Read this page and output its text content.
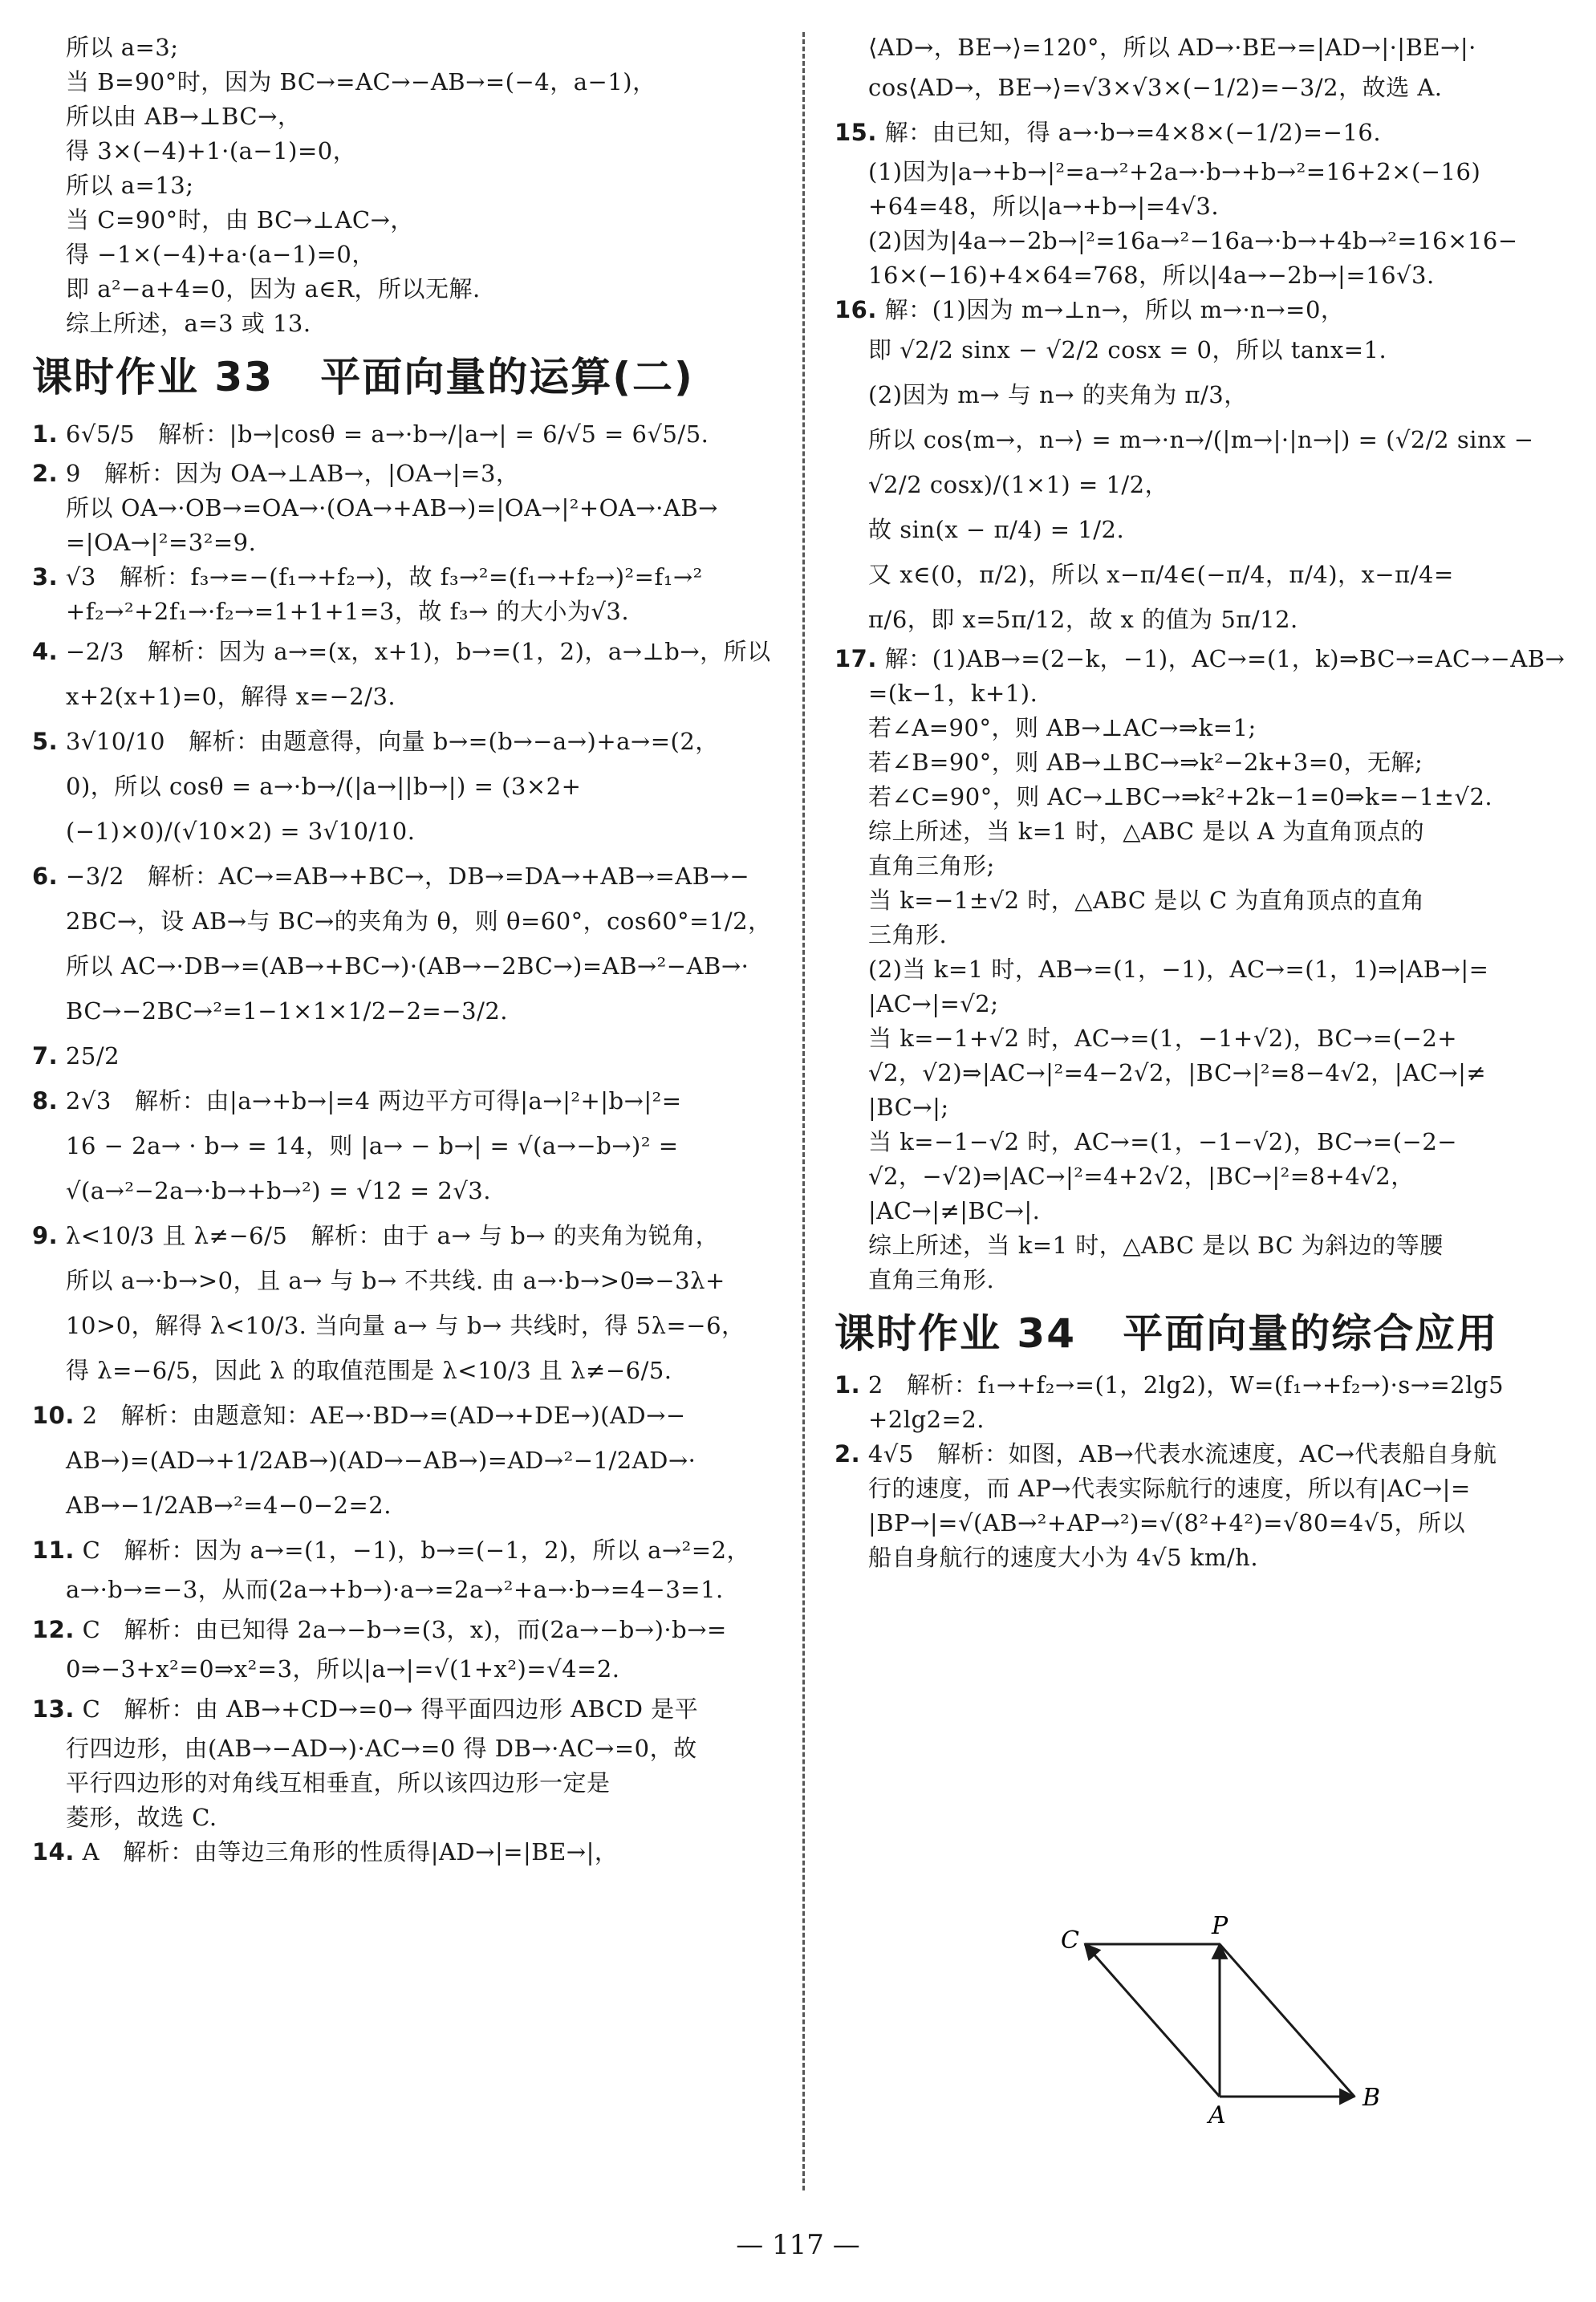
所以 a=3;

当 B=90°时，因为 BC→=AC→−AB→=(−4，a−1)，

所以由 AB→⊥BC→，

得 3×(−4)+1·(a−1)=0，

所以 a=13;

当 C=90°时，由 BC→⊥AC→，

得 −1×(−4)+a·(a−1)=0，

即 a²−a+4=0，因为 a∈R，所以无解.

综上所述，a=3 或 13.

课时作业 33   平面向量的运算(二)

1. 6√5/5   解析：|b→|cosθ = a→·b→/|a→| = 6/√5 = 6√5/5.

2. 9   解析：因为 OA→⊥AB→，|OA→|=3，

所以 OA→·OB→=OA→·(OA→+AB→)=|OA→|²+OA→·AB→

=|OA→|²=3²=9.

3. √3   解析：f₃→=−(f₁→+f₂→)，故 f₃→²=(f₁→+f₂→)²=f₁→²

+f₂→²+2f₁→·f₂→=1+1+1=3，故 f₃→ 的大小为√3.

4. −2/3   解析：因为 a→=(x，x+1)，b→=(1，2)，a→⊥b→，所以

x+2(x+1)=0，解得 x=−2/3.

5. 3√10/10   解析：由题意得，向量 b→=(b→−a→)+a→=(2，

0)，所以 cosθ = a→·b→/(|a→||b→|) = (3×2+(−1)×0)/(√10×2) = 3√10/10.

6. −3/2   解析：AC→=AB→+BC→，DB→=DA→+AB→=AB→−

2BC→，设 AB→与 BC→的夹角为 θ，则 θ=60°，cos60°=1/2，

所以 AC→·DB→=(AB→+BC→)·(AB→−2BC→)=AB→²−AB→·

BC→−2BC→²=1−1×1×1/2−2=−3/2.

7. 25/2

8. 2√3   解析：由|a→+b→|=4 两边平方可得|a→|²+|b→|²=

16 − 2a→ · b→ = 14，则 |a→ − b→| = √(a→−b→)² =

√(a→²−2a→·b→+b→²) = √12 = 2√3.

9. λ<10/3 且 λ≠−6/5   解析：由于 a→ 与 b→ 的夹角为锐角，

所以 a→·b→>0，且 a→ 与 b→ 不共线. 由 a→·b→>0⇒−3λ+

10>0，解得 λ<10/3. 当向量 a→ 与 b→ 共线时，得 5λ=−6，

得 λ=−6/5，因此 λ 的取值范围是 λ<10/3 且 λ≠−6/5.

10. 2   解析：由题意知：AE→·BD→=(AD→+DE→)(AD→−

AB→)=(AD→+1/2AB→)(AD→−AB→)=AD→²−1/2AD→·

AB→−1/2AB→²=4−0−2=2.

11. C   解析：因为 a→=(1，−1)，b→=(−1，2)，所以 a→²=2，

a→·b→=−3，从而(2a→+b→)·a→=2a→²+a→·b→=4−3=1.

12. C   解析：由已知得 2a→−b→=(3，x)，而(2a→−b→)·b→=

0⇒−3+x²=0⇒x²=3，所以|a→|=√(1+x²)=√4=2.

13. C   解析：由 AB→+CD→=0→ 得平面四边形 ABCD 是平

行四边形，由(AB→−AD→)·AC→=0 得 DB→·AC→=0，故

平行四边形的对角线互相垂直，所以该四边形一定是

菱形，故选 C.

14. A   解析：由等边三角形的性质得|AD→|=|BE→|，

⟨AD→，BE→⟩=120°，所以 AD→·BE→=|AD→|·|BE→|·

cos⟨AD→，BE→⟩=√3×√3×(−1/2)=−3/2，故选 A.

15. 解：由已知，得 a→·b→=4×8×(−1/2)=−16.

(1)因为|a→+b→|²=a→²+2a→·b→+b→²=16+2×(−16)

+64=48，所以|a→+b→|=4√3.

(2)因为|4a→−2b→|²=16a→²−16a→·b→+4b→²=16×16−

16×(−16)+4×64=768，所以|4a→−2b→|=16√3.

16. 解：(1)因为 m→⊥n→，所以 m→·n→=0，

即 √2/2 sinx − √2/2 cosx = 0，所以 tanx=1.

(2)因为 m→ 与 n→ 的夹角为 π/3，

所以 cos⟨m→，n→⟩ = m→·n→/(|m→|·|n→|) = (√2/2 sinx − √2/2 cosx)/(1×1) = 1/2，

故 sin(x − π/4) = 1/2.

又 x∈(0，π/2)，所以 x−π/4∈(−π/4，π/4)，x−π/4=

π/6，即 x=5π/12，故 x 的值为 5π/12.

17. 解：(1)AB→=(2−k，−1)，AC→=(1，k)⇒BC→=AC→−AB→

=(k−1，k+1).

若∠A=90°，则 AB→⊥AC→⇒k=1;

若∠B=90°，则 AB→⊥BC→⇒k²−2k+3=0，无解;

若∠C=90°，则 AC→⊥BC→⇒k²+2k−1=0⇒k=−1±√2.

综上所述，当 k=1 时，△ABC 是以 A 为直角顶点的

直角三角形;

当 k=−1±√2 时，△ABC 是以 C 为直角顶点的直角

三角形.

(2)当 k=1 时，AB→=(1，−1)，AC→=(1，1)⇒|AB→|=

|AC→|=√2;

当 k=−1+√2 时，AC→=(1，−1+√2)，BC→=(−2+

√2，√2)⇒|AC→|²=4−2√2，|BC→|²=8−4√2，|AC→|≠

|BC→|;

当 k=−1−√2 时，AC→=(1，−1−√2)，BC→=(−2−

√2，−√2)⇒|AC→|²=4+2√2，|BC→|²=8+4√2，

|AC→|≠|BC→|.

综上所述，当 k=1 时，△ABC 是以 BC 为斜边的等腰

直角三角形.

课时作业 34   平面向量的综合应用

1. 2   解析：f₁→+f₂→=(1，2lg2)，W=(f₁→+f₂→)·s→=2lg5

+2lg2=2.

2. 4√5   解析：如图，AB→代表水流速度，AC→代表船自身航

行的速度，而 AP→代表实际航行的速度，所以有|AC→|=

|BP→|=√(AB→²+AP→²)=√(8²+4²)=√80=4√5，所以

船自身航行的速度大小为 4√5 km/h.

C
P
A
B
— 117 —
